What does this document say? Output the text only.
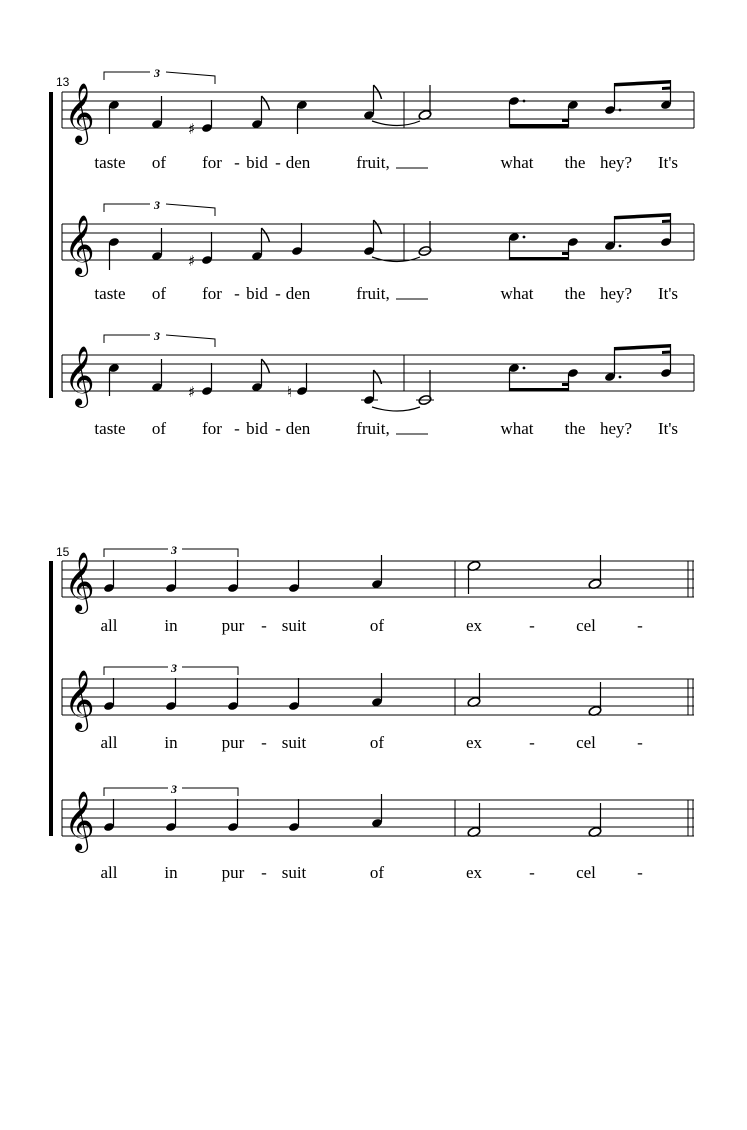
13
𝄞
3
♯
taste of for - bid - den	fruit,	what the hey? It's
𝄞
3
♯
taste of for - bid - den	fruit,	what the hey? It's
𝄞
3
♯	♮
taste of for - bid - den	fruit,	what the hey? It's
15
𝄞
3
all	in	pur - suit	of	ex	- cel -
𝄞
3
all	in	pur - suit	of	ex	- cel -
𝄞
3
all	in	pur - suit	of	ex	- cel -
